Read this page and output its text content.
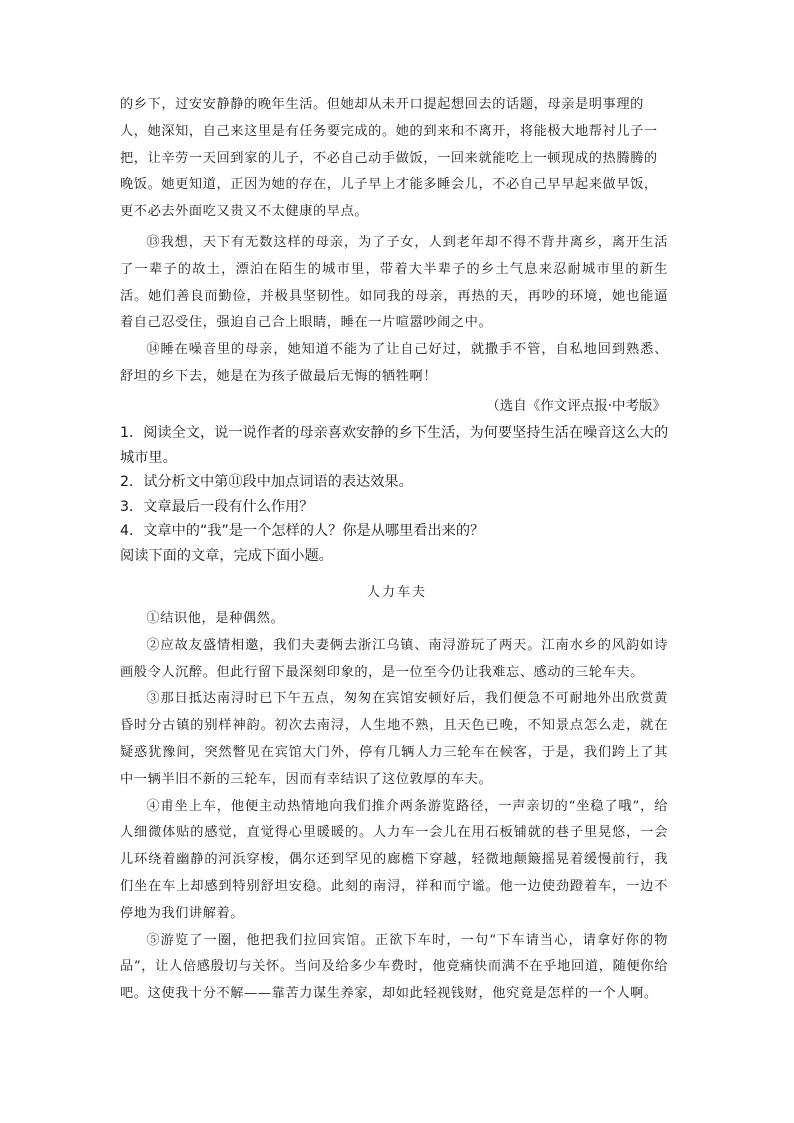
的乡下，过安安静静的晚年生活。但她却从未开口提起想回去的话题，母亲是明事理的

人，她深知，自己来这里是有任务要完成的。她的到来和不离开，将能极大地帮衬儿子一

把，让辛劳一天回到家的儿子，不必自己动手做饭，一回来就能吃上一顿现成的热腾腾的

晚饭。她更知道，正因为她的存在，儿子早上才能多睡会儿，不必自己早早起来做早饭，

更不必去外面吃又贵又不太健康的早点。

⑬我想，天下有无数这样的母亲，为了子女，人到老年却不得不背井离乡，离开生活了一辈子的故土，漂泊在陌生的城市里，带着大半辈子的乡土气息来忍耐城市里的新生活。她们善良而勤俭，并极具坚韧性。如同我的母亲，再热的天，再吵的环境，她也能逼着自己忍受住，强迫自己合上眼睛，睡在一片喧嚣吵闹之中。

⑭睡在噪音里的母亲，她知道不能为了让自己好过，就撒手不管，自私地回到熟悉、舒坦的乡下去，她是在为孩子做最后无悔的牺牲啊！

（选自《作文评点报·中考版》

1．阅读全文，说一说作者的母亲喜欢安静的乡下生活，为何要坚持生活在噪音这么大的城市里。

2．试分析文中第⑪段中加点词语的表达效果。

3．文章最后一段有什么作用？

4．文章中的“我”是一个怎样的人？你是从哪里看出来的？

阅读下面的文章，完成下面小题。

人力车夫

①结识他，是种偶然。

②应故友盛情相邀，我们夫妻俩去浙江乌镇、南浔游玩了两天。江南水乡的风韵如诗画般令人沉醉。但此行留下最深刻印象的，是一位至今仍让我难忘、感动的三轮车夫。

③那日抵达南浔时已下午五点，匆匆在宾馆安顿好后，我们便急不可耐地外出欣赏黄昏时分古镇的别样神韵。初次去南浔，人生地不熟，且天色已晚，不知景点怎么走，就在疑惑犹豫间，突然瞥见在宾馆大门外，停有几辆人力三轮车在候客，于是，我们跨上了其中一辆半旧不新的三轮车，因而有幸结识了这位敦厚的车夫。

④甫坐上车，他便主动热情地向我们推介两条游览路径，一声亲切的“坐稳了哦”，给人细微体贴的感觉，直觉得心里暖暖的。人力车一会儿在用石板铺就的巷子里晃悠，一会儿环绕着幽静的河浜穿梭，偶尔还到罕见的廊檐下穿越，轻微地颠簸摇晃着缓慢前行，我们坐在车上却感到特别舒坦安稳。此刻的南浔，祥和而宁谧。他一边使劲蹬着车，一边不停地为我们讲解着。

⑤游览了一圈，他把我们拉回宾馆。正欲下车时，一句“下车请当心，请拿好你的物品”，让人倍感殷切与关怀。当问及给多少车费时，他竟痛快而满不在乎地回道，随便你给吧。这使我十分不解——靠苦力谋生养家，却如此轻视钱财，他究竟是怎样的一个人啊。
